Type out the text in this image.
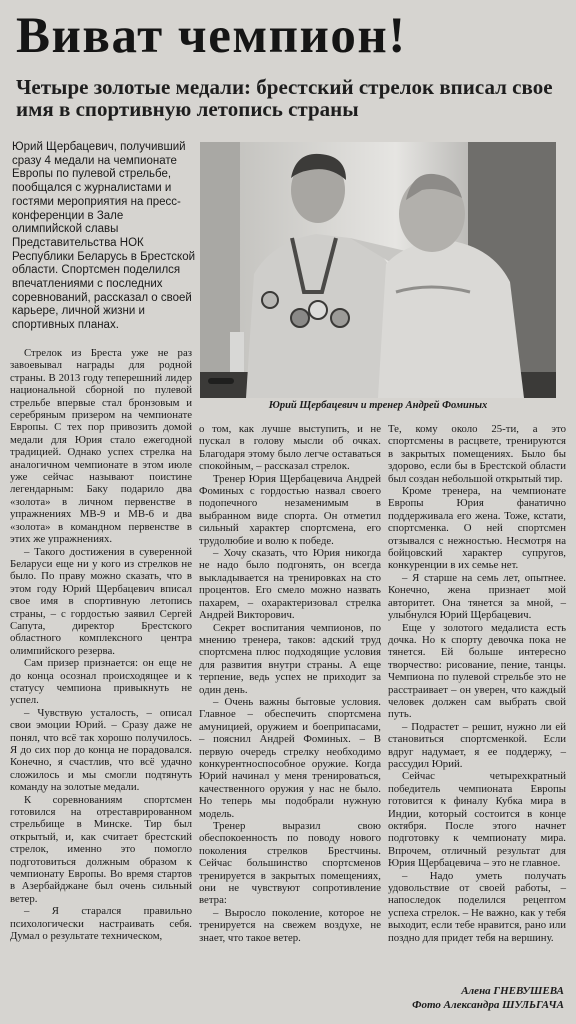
Виват чемпион!
Четыре золотые медали: брестский стрелок вписал свое имя в спортивную летопись страны

Юрий Щербацевич, получивший сразу 4 медали на чемпионате Европы по пулевой стрельбе, пообщался с журналистами и гостями мероприятия на пресс-конференции в Зале олимпийской славы Представительства НОК Республики Беларусь в Брестской области. Спортсмен поделился впечатлениями с последних соревнований, рассказал о своей карьере, личной жизни и спортивных планах.

Юрий Щербацевич и тренер Андрей Фоминых

Стрелок из Бреста уже не раз завоевывал награды для родной страны. В 2013 году теперешний лидер национальной сборной по пулевой стрельбе впервые стал бронзовым и серебряным призером на чемпионате Европы. С тех пор привозить домой медали для Юрия стало ежегодной традицией. Однако успех стрелка на аналогичном чемпионате в этом июле уже сейчас называют поистине легендарным: Баку подарило два «золота» в личном первенстве в упражнениях МВ-9 и МВ-6 и два «золота» в командном первенстве в этих же упражнениях.

– Такого достижения в суверенной Беларуси еще ни у кого из стрелков не было. По праву можно сказать, что в этом году Юрий Щербацевич вписал свое имя в спортивную летопись страны, – с гордостью заявил Сергей Сапута, директор Брестского областного комплексного центра олимпийского резерва.

Сам призер признается: он еще не до конца осознал происходящее и к статусу чемпиона привыкнуть не успел.

– Чувствую усталость, – описал свои эмоции Юрий. – Сразу даже не понял, что всё так хорошо получилось. Я до сих пор до конца не порадовался. Конечно, я счастлив, что всё удачно сложилось и мы смогли подтянуть команду на золотые медали.

К соревнованиям спортсмен готовился на отреставрированном стрельбище в Минске. Тир был открытый, и, как считает брестский стрелок, именно это помогло подготовиться должным образом к чемпионату Европы. Во время стартов в Азербайджане был очень сильный ветер.

– Я старался правильно психологически настраивать себя. Думал о результате техническом,

о том, как лучше выступить, и не пускал в голову мысли об очках. Благодаря этому было легче оставаться спокойным, – рассказал стрелок.

Тренер Юрия Щербацевича Андрей Фоминых с гордостью назвал своего подопечного незаменимым в выбранном виде спорта. Он отметил сильный характер спортсмена, его трудолюбие и волю к победе.

– Хочу сказать, что Юрия никогда не надо было подгонять, он всегда выкладывается на тренировках на сто процентов. Его смело можно назвать пахарем, – охарактеризовал стрелка Андрей Викторович.

Секрет воспитания чемпионов, по мнению тренера, таков: адский труд спортсмена плюс подходящие условия для развития внутри страны. А еще терпение, ведь успех не приходит за один день.

– Очень важны бытовые условия. Главное – обеспечить спортсмена амуницией, оружием и боеприпасами, – пояснил Андрей Фоминых. – В первую очередь стрелку необходимо конкурентноспособное оружие. Когда Юрий начинал у меня тренироваться, качественного оружия у нас не было. Но теперь мы подобрали нужную модель.

Тренер выразил свою обеспокоенность по поводу нового поколения стрелков Брестчины. Сейчас большинство спортсменов тренируется в закрытых помещениях, они не чувствуют сопротивление ветра:

– Выросло поколение, которое не тренируется на свежем воздухе, не знает, что такое ветер.

Те, кому около 25-ти, а это спортсмены в расцвете, тренируются в закрытых помещениях. Было бы здорово, если бы в Брестской области был создан небольшой открытый тир.

Кроме тренера, на чемпионате Европы Юрия фанатично поддерживала его жена. Тоже, кстати, спортсменка. О ней спортсмен отзывался с нежностью. Несмотря на бойцовский характер супругов, конкуренции в их семье нет.

– Я старше на семь лет, опытнее. Конечно, жена признает мой авторитет. Она тянется за мной, – улыбнулся Юрий Щербацевич.

Еще у золотого медалиста есть дочка. Но к спорту девочка пока не тянется. Ей больше интересно творчество: рисование, пение, танцы. Чемпиона по пулевой стрельбе это не расстраивает – он уверен, что каждый человек должен сам выбрать свой путь.

– Подрастет – решит, нужно ли ей становиться спортсменкой. Если вдруг надумает, я ее поддержу, – рассудил Юрий.

Сейчас четырехкратный победитель чемпионата Европы готовится к финалу Кубка мира в Индии, который состоится в конце октября. После этого начнет подготовку к чемпионату мира. Впрочем, отличный результат для Юрия Щербацевича – это не главное.

– Надо уметь получать удовольствие от своей работы, – напоследок поделился рецептом успеха стрелок. – Не важно, как у тебя выходит, если тебе нравится, рано или поздно для придет тебя на вершину.

Алена ГНЕВУШЕВА
Фото Александра ШУЛЬГАЧА
